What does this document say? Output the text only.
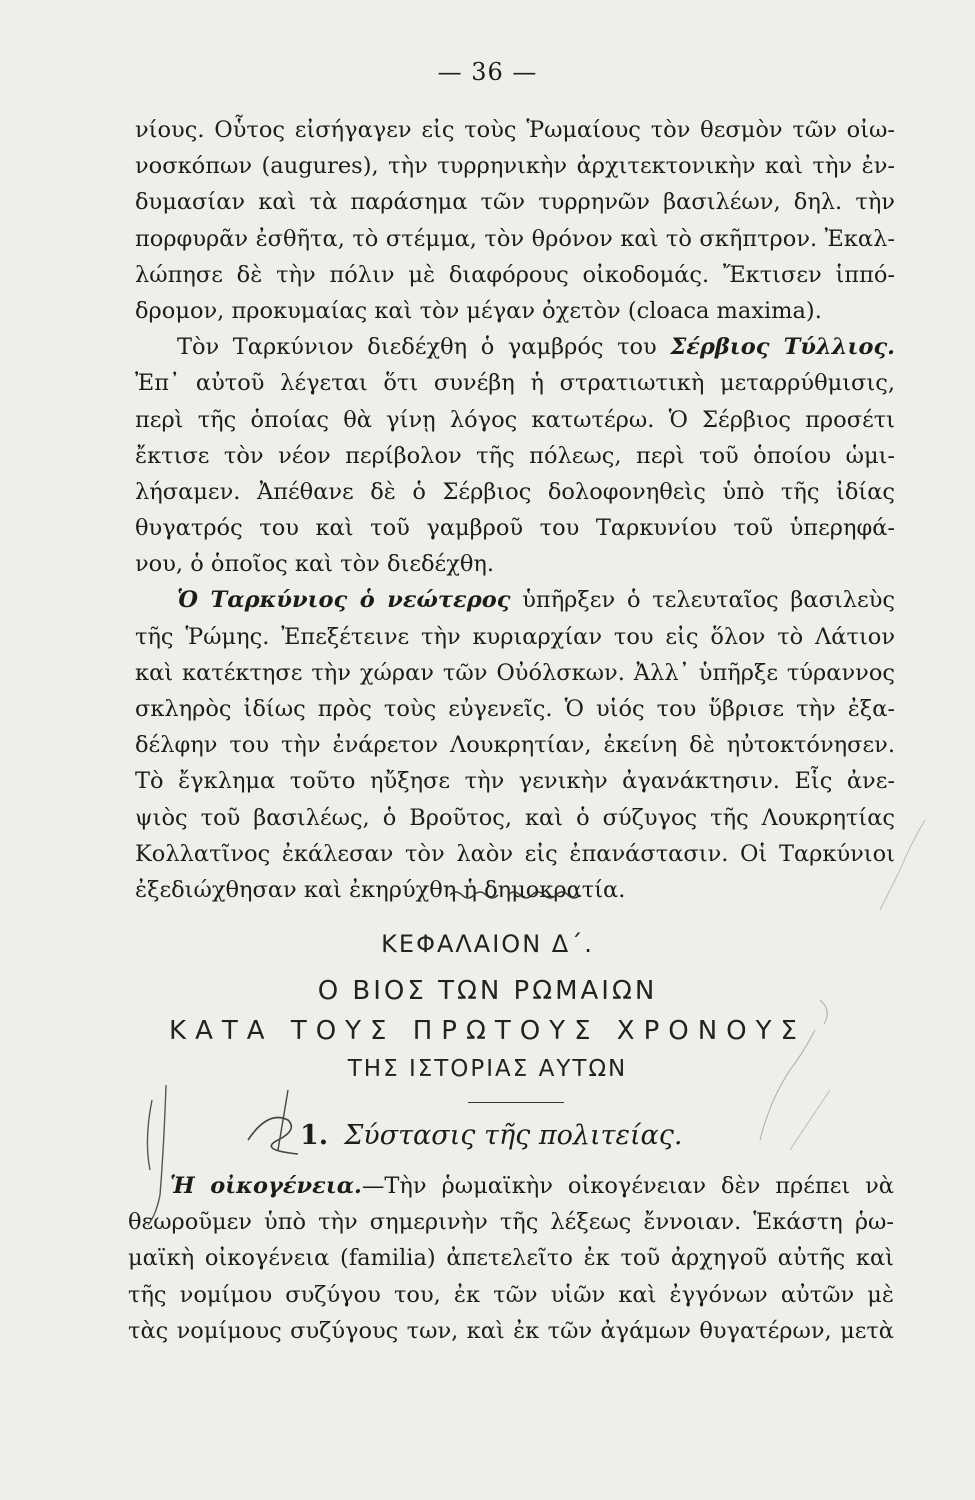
— 36 —
νίους. Οὗτος εἰσήγαγεν εἰς τοὺς Ῥωμαίους τὸν θεσμὸν τῶν οἰω-
νοσκόπων (augures), τὴν τυρρηνικὴν ἀρχιτεκτονικὴν καὶ τὴν ἐν-
δυμασίαν καὶ τὰ παράσημα τῶν τυρρηνῶν βασιλέων, δηλ. τὴν
πορφυρᾶν ἐσθῆτα, τὸ στέμμα, τὸν θρόνον καὶ τὸ σκῆπτρον. Ἐκαλ-
λώπησε δὲ τὴν πόλιν μὲ διαφόρους οἰκοδομάς. Ἔκτισεν ἱππό-
δρομον, προκυμαίας καὶ τὸν μέγαν ὀχετὸν (cloaca maxima).
Τὸν Ταρκύνιον διεδέχθη ὁ γαμβρός του Σέρβιος Τύλλιος.
Ἐπ᾽ αὐτοῦ λέγεται ὅτι συνέβη ἡ στρατιωτικὴ μεταρρύθμισις,
περὶ τῆς ὁποίας θὰ γίνῃ λόγος κατωτέρω. Ὁ Σέρβιος προσέτι
ἔκτισε τὸν νέον περίβολον τῆς πόλεως, περὶ τοῦ ὁποίου ὡμι-
λήσαμεν. Ἀπέθανε δὲ ὁ Σέρβιος δολοφονηθεὶς ὑπὸ τῆς ἰδίας
θυγατρός του καὶ τοῦ γαμβροῦ του Ταρκυνίου τοῦ ὑπερηφά-
νου, ὁ ὁποῖος καὶ τὸν διεδέχθη.
Ὁ Ταρκύνιος ὁ νεώτερος ὑπῆρξεν ὁ τελευταῖος βασιλεὺς
τῆς Ῥώμης. Ἐπεξέτεινε τὴν κυριαρχίαν του εἰς ὅλον τὸ Λάτιον
καὶ κατέκτησε τὴν χώραν τῶν Οὐόλσκων. Ἀλλ᾽ ὑπῆρξε τύραννος
σκληρὸς ἰδίως πρὸς τοὺς εὐγενεῖς. Ὁ υἱός του ὕβρισε τὴν ἐξα-
δέλφην του τὴν ἐνάρετον Λουκρητίαν, ἐκείνη δὲ ηὐτοκτόνησεν.
Τὸ ἔγκλημα τοῦτο ηὔξησε τὴν γενικὴν ἀγανάκτησιν. Εἷς ἀνε-
ψιὸς τοῦ βασιλέως, ὁ Βροῦτος, καὶ ὁ σύζυγος τῆς Λουκρητίας
Κολλατῖνος ἐκάλεσαν τὸν λαὸν εἰς ἐπανάστασιν. Οἱ Ταρκύνιοι
ἐξεδιώχθησαν καὶ ἐκηρύχθη ἡ δημοκρατία.
ΚΕΦΑΛΑΙΟΝ Δ΄.
Ο ΒΙΟΣ ΤΩΝ ΡΩΜΑΙΩΝ
ΚΑΤΑ ΤΟΥΣ ΠΡΩΤΟΥΣ ΧΡΟΝΟΥΣ
ΤΗΣ ΙΣΤΟΡΙΑΣ ΑΥΤΩΝ
1. Σύστασις τῆς πολιτείας.
Ἡ οἰκογένεια.—Τὴν ῥωμαϊκὴν οἰκογένειαν δὲν πρέπει νὰ
θεωροῦμεν ὑπὸ τὴν σημερινὴν τῆς λέξεως ἔννοιαν. Ἑκάστη ῥω-
μαϊκὴ οἰκογένεια (familia) ἀπετελεῖτο ἐκ τοῦ ἀρχηγοῦ αὐτῆς καὶ
τῆς νομίμου συζύγου του, ἐκ τῶν υἱῶν καὶ ἐγγόνων αὐτῶν μὲ
τὰς νομίμους συζύγους των, καὶ ἐκ τῶν ἀγάμων θυγατέρων, μετὰ
